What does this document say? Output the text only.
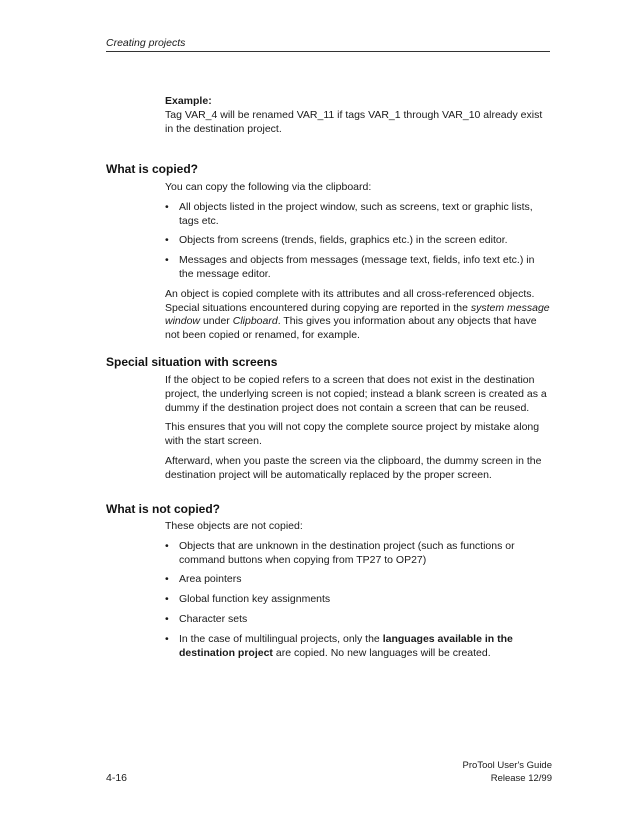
Creating projects

Example:

Tag VAR_4 will be renamed VAR_11 if tags VAR_1 through VAR_10 already exist

in the destination project.

What is copied?

You can copy the following via the clipboard:

• All objects listed in the project window, such as screens, text or graphic lists,
tags etc.
• Objects from screens (trends, fields, graphics etc.) in the screen editor.
• Messages and objects from messages (message text, fields, info text etc.) in
the message editor.

An object is copied complete with its attributes and all cross-referenced objects.
Special situations encountered during copying are reported in the system message
window under Clipboard. This gives you information about any objects that have
not been copied or renamed, for example.

Special situation with screens

If the object to be copied refers to a screen that does not exist in the destination
project, the underlying screen is not copied; instead a blank screen is created as a
dummy if the destination project does not contain a screen that can be reused.

This ensures that you will not copy the complete source project by mistake along
with the start screen.

Afterward, when you paste the screen via the clipboard, the dummy screen in the
destination project will be automatically replaced by the proper screen.

What is not copied?

These objects are not copied:

• Objects that are unknown in the destination project (such as functions or
command buttons when copying from TP27 to OP27)
• Area pointers
• Global function key assignments
• Character sets
• In the case of multilingual projects, only the languages available in the
destination project are copied. No new languages will be created.
ProTool User's Guide
Release 12/99
4-16
